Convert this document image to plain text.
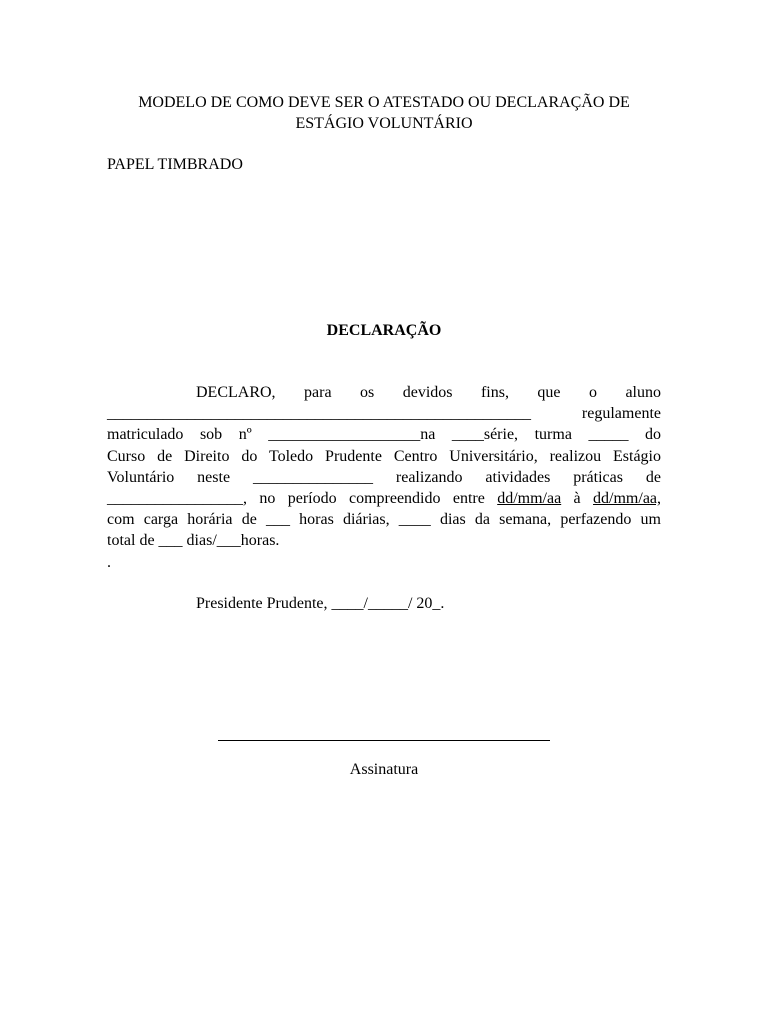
MODELO DE COMO DEVE SER O ATESTADO OU DECLARAÇÃO DE
ESTÁGIO VOLUNTÁRIO
PAPEL TIMBRADO
DECLARAÇÃO
DECLARO, para os devidos fins, que o aluno
_____________________________________________________	regulamente
matriculado sob nº ___________________na ____série, turma _____ do
Curso de Direito do Toledo Prudente Centro Universitário, realizou Estágio
Voluntário neste _______________ realizando atividades práticas de
_________________, no período compreendido entre dd/mm/aa à dd/mm/aa,
com carga horária de ___ horas diárias, ____ dias da semana, perfazendo um
total de ___ dias/___horas.
.
Presidente Prudente, ____/_____/ 20_.
Assinatura
